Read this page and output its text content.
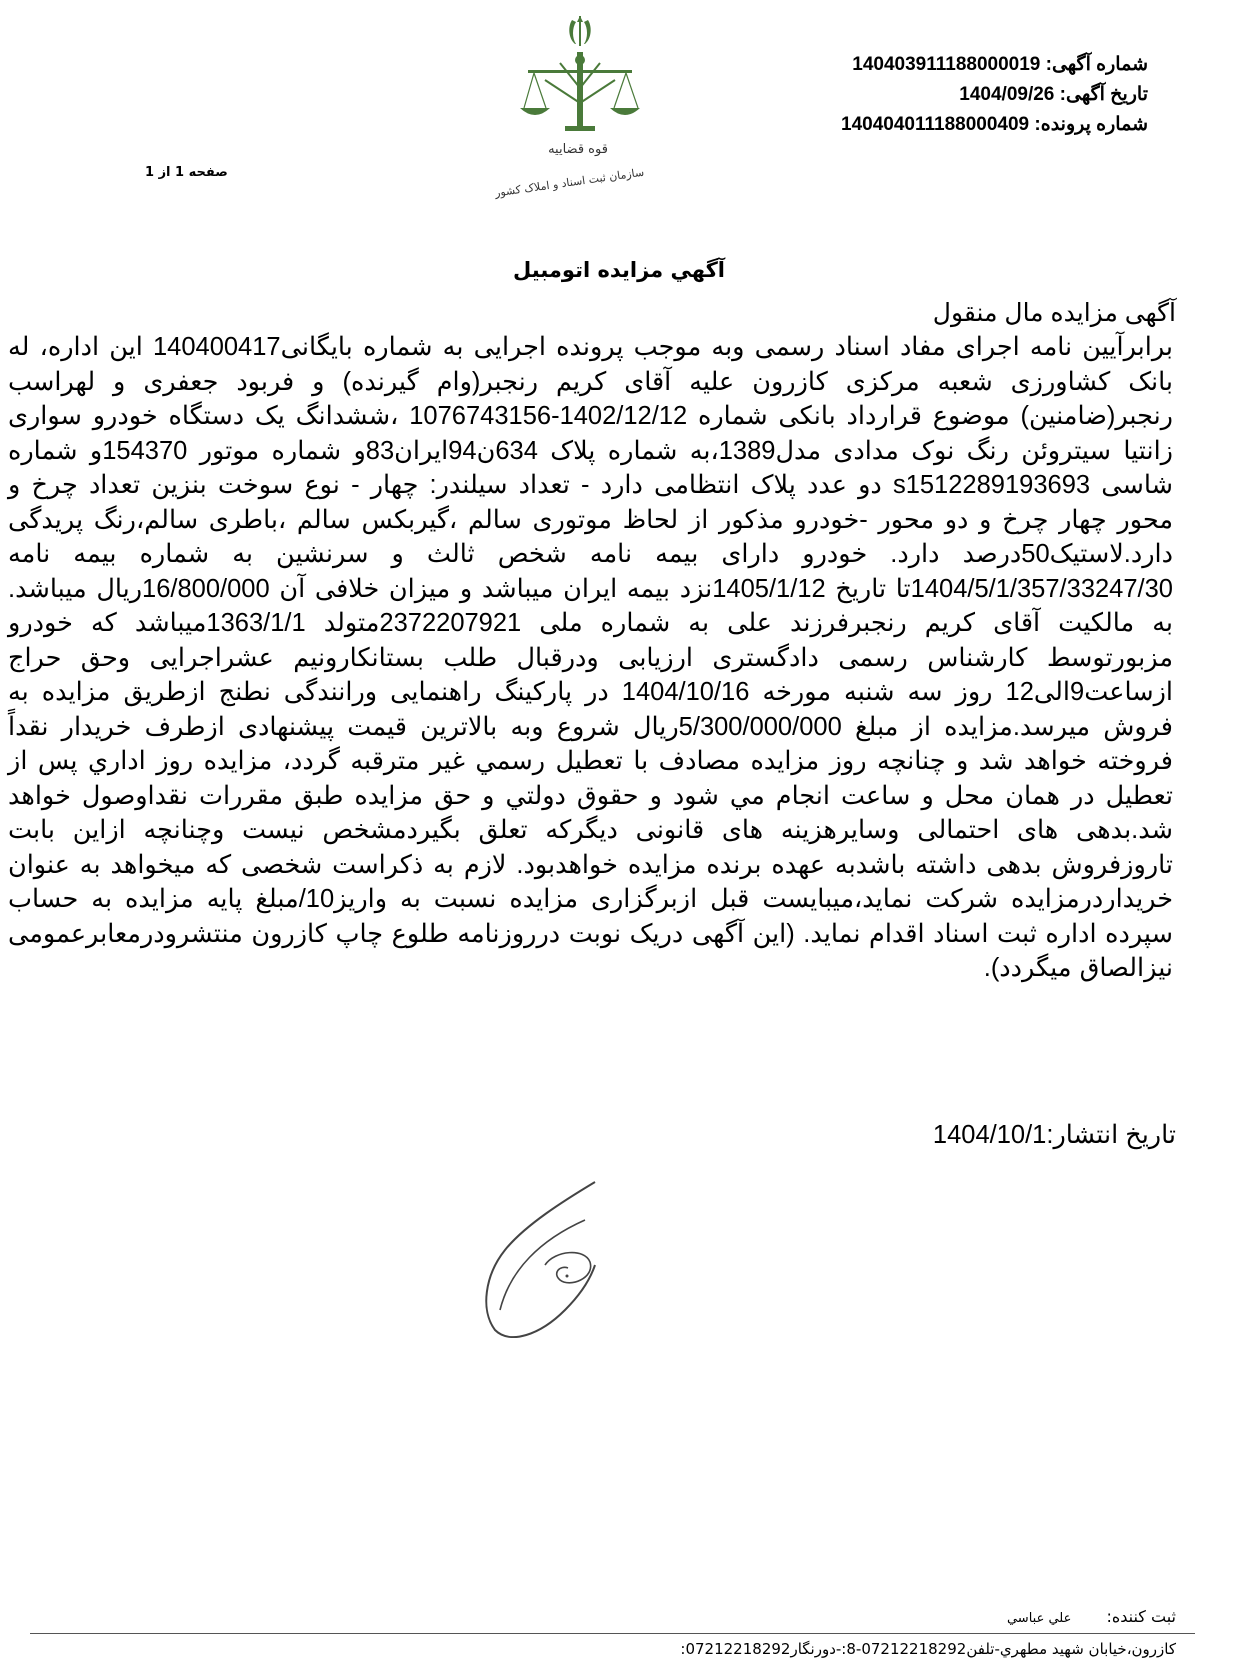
قوه قضاییه
سازمان ثبت اسناد و املاک کشور
شماره آگهی: 140403911188000019
تاریخ آگهی: 1404/09/26
شماره پرونده: 140404011188000409
صفحه 1 از 1
آگهي مزايده اتومبيل
آگهی مزایده مال منقول
برابرآیین نامه اجرای مفاد اسناد رسمی وبه موجب پرونده اجرایی به شماره بایگانی140400417 این اداره، له بانک کشاورزی شعبه مرکزی کازرون علیه آقای کریم رنجبر(وام گیرنده) و فربود جعفری و لهراسب رنجبر(ضامنین) موضوع قرارداد بانکی شماره 1402/12/12-1076743156 ،ششدانگ یک دستگاه خودرو سواری زانتیا سیتروئن رنگ نوک مدادی مدل1389،به شماره پلاک 634ن94ایران83و شماره موتور 154370و شماره شاسی s1512289193693 دو عدد پلاک انتظامی دارد - تعداد سیلندر: چهار - نوع سوخت بنزین تعداد چرخ و محور چهار چرخ و دو محور -خودرو مذکور از لحاظ موتوری سالم ،گیربکس سالم ،باطری سالم،رنگ پریدگی دارد.لاستیک50درصد دارد. خودرو دارای بیمه نامه شخص ثالث و سرنشین به شماره بیمه نامه 1404/5/1/357/33247/30تا تاریخ 1405/1/12نزد بیمه ایران میباشد و میزان خلافی آن 16/800/000ریال میباشد. به مالکیت آقای کریم رنجبرفرزند علی به شماره ملی 2372207921متولد 1363/1/1میباشد که خودرو مزبورتوسط کارشناس رسمی دادگستری ارزیابی ودرقبال طلب بستانکارونیم عشراجرایی وحق حراج ازساعت9الی12 روز سه شنبه مورخه 1404/10/16 در پارکینگ راهنمایی ورانندگی نطنج ازطریق مزایده به فروش میرسد.مزایده از مبلغ 5/300/000/000ریال شروع وبه بالاترین قیمت پیشنهادی ازطرف خریدار نقداً فروخته خواهد شد و چنانچه روز مزايده مصادف با تعطيل رسمي غير مترقبه گردد، مزايده روز اداري پس از تعطيل در همان محل و ساعت انجام مي شود و حقوق دولتي و حق مزايده طبق مقررات نقداوصول خواهد شد.بدهی های احتمالی وسایرهزینه های قانونی دیگرکه تعلق بگیردمشخص نیست وچنانچه ازاین بابت تاروزفروش بدهی داشته باشدبه عهده برنده مزایده خواهدبود. لازم به ذکراست شخصی که میخواهد به عنوان خریداردرمزایده شرکت نماید،میبایست قبل ازبرگزاری مزایده نسبت به واریز10/مبلغ پایه مزایده به حساب سپرده اداره ثبت اسناد اقدام نماید. (این آگهی دریک نوبت درروزنامه طلوع چاپ کازرون منتشرودرمعابرعمومی نیزالصاق میگردد).
تاریخ انتشار:1404/10/1
ثبت کننده: علي عباسي
کازرون،خيابان شهيد مطهري-تلفن07212218292-8:-دورنگار07212218292:
